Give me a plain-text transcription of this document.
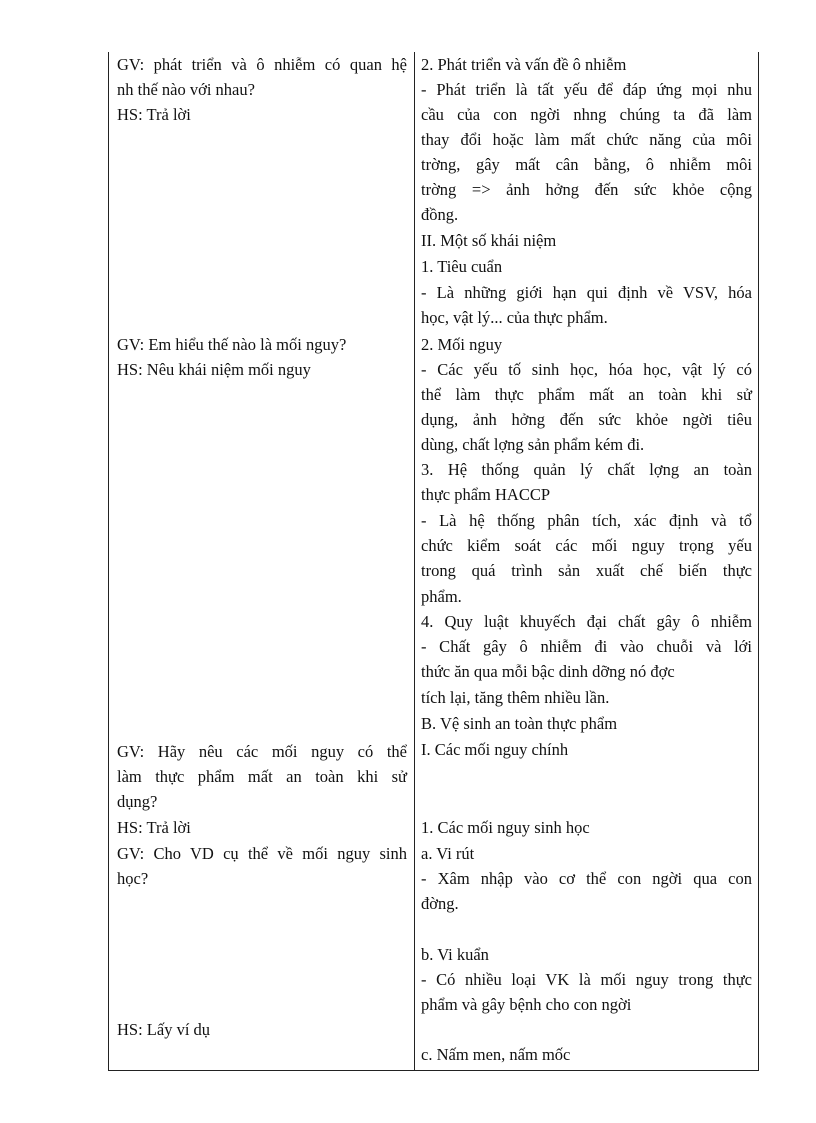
GV: phát triển và ô nhiễm có quan hệ
nh thế nào với nhau?
HS: Trả lời
GV: Em hiểu thế nào là mối nguy?
HS: Nêu khái niệm mối nguy
GV: Hãy nêu các mối nguy có thể
làm thực phẩm mất an toàn khi sử
dụng?
HS: Trả lời
GV: Cho VD cụ thể về mối nguy sinh
học?
HS: Lấy ví dụ
2. Phát triển và vấn đề ô nhiễm
- Phát triển là tất yếu để đáp ứng mọi nhu
cầu của con ngời nhng chúng ta đã làm
thay đổi hoặc làm mất chức năng của môi
trờng, gây mất cân bằng, ô nhiễm môi
trờng => ảnh hởng đến sức khỏe cộng
đồng.
II. Một số khái niệm
1. Tiêu cuẩn
- Là những giới hạn qui định về VSV, hóa
học, vật lý... của thực phẩm.
2. Mối nguy
- Các yếu tố sinh học, hóa học, vật lý có
thể làm thực phẩm mất an toàn khi sử
dụng, ảnh hởng đến sức khỏe ngời tiêu
dùng, chất lợng sản phẩm kém đi.
3. Hệ thống quản lý chất lợng an toàn
thực phẩm HACCP
- Là hệ thống phân tích, xác định và tổ
chức kiểm soát các mối nguy trọng yếu
trong quá trình sản xuất chế biến thực
phẩm.
4. Quy luật khuyếch đại chất gây ô nhiễm
- Chất gây ô nhiễm đi vào chuỗi và lới
thức ăn qua mỗi bậc dinh dỡng nó đợc
tích lại, tăng thêm nhiều lần.
B. Vệ sinh an toàn thực phẩm
I. Các mối nguy chính
1. Các mối nguy sinh học
a. Vi rút
- Xâm nhập vào cơ thể con ngời qua con
đờng.
b. Vi kuẩn
- Có nhiều loại VK là mối nguy trong thực
phẩm và gây bệnh cho con ngời
c. Nấm men, nấm mốc
